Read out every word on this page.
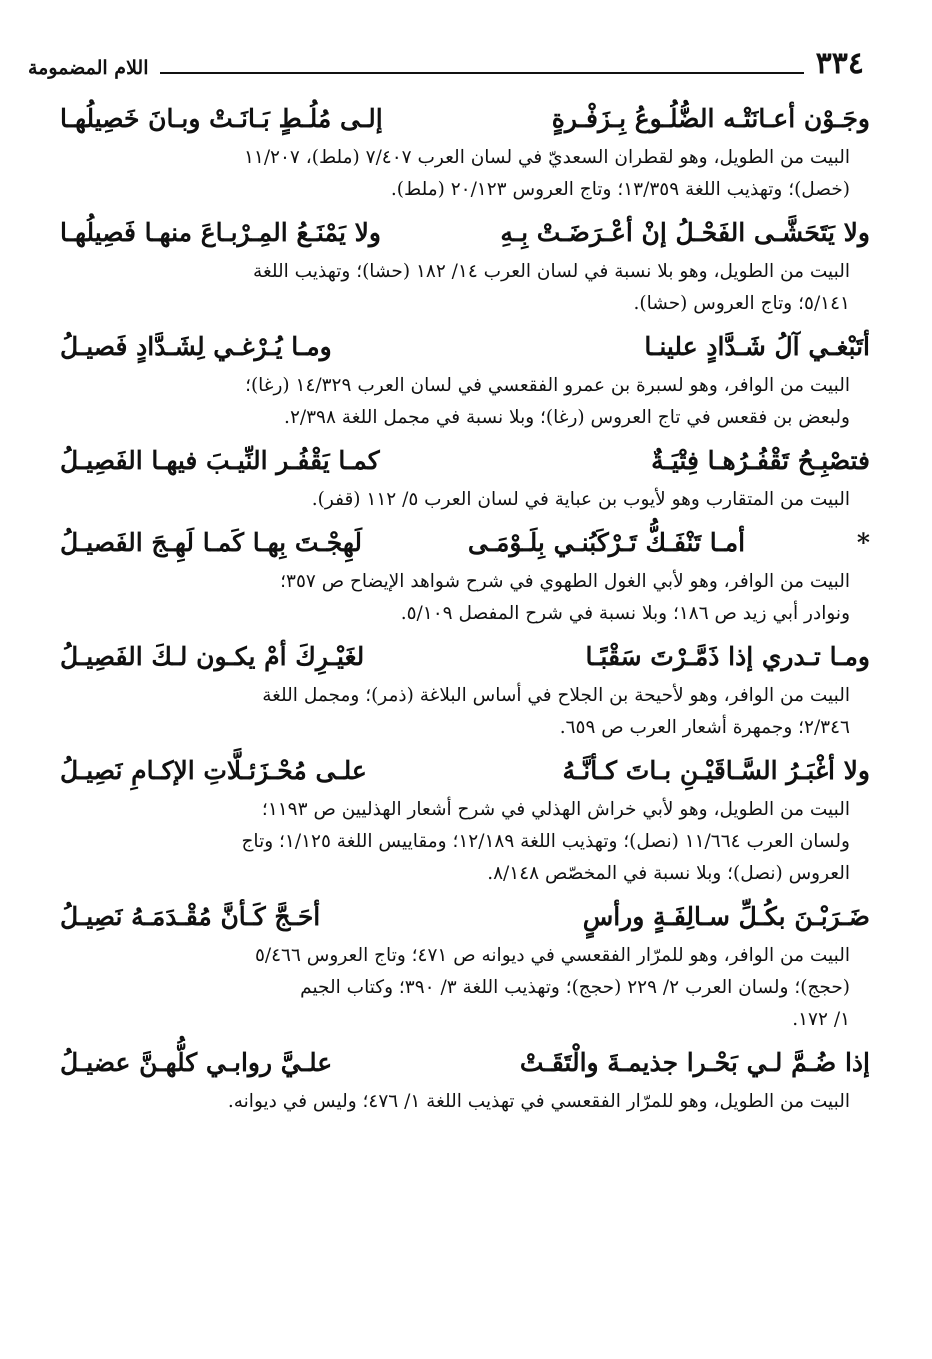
٣٣٤
اللام المضمومة
وجَـوْن أعـانَتْـه الضُّلُـوعُ بِـزَفْـرةٍ
إلـى مُلُـطٍ بَـانَـتْ وبـانَ خَصِيلُهـا
البيت من الطويل، وهو لقطران السعديّ في لسان العرب ٧/٤٠٧ (ملط)، ١١/٢٠٧
(خصل)؛ وتهذيب اللغة ١٣/٣٥٩؛ وتاج العروس ٢٠/١٢٣ (ملط).
ولا يَتَحَشَّـى الفَحْـلُ إنْ أعْـرَضَـتْ بِـهِ
ولا يَمْنَـعُ المِـرْبـاعَ منهـا فَصِيلُهـا
البيت من الطويل، وهو بلا نسبة في لسان العرب ١٤/ ١٨٢ (حشا)؛ وتهذيب اللغة
٥/١٤١؛ وتاج العروس (حشا).
أتَبْغـي آلُ شَـدَّادٍ علينـا
ومـا يُـرْغـي لِشَـدَّادٍ فَصيـلُ
البيت من الوافر، وهو لسبرة بن عمرو الفقعسي في لسان العرب ١٤/٣٢٩ (رغا)؛
ولبعض بن فقعس في تاج العروس (رغا)؛ وبلا نسبة في مجمل اللغة ٢/٣٩٨.
فتصْبِـحُ تَقْفُـرُهـا فِتْيَـةٌ
كمـا يَقْفُـر النِّيـبَ فيهـا الفَصِيـلُ
البيت من المتقارب وهو لأيوب بن عباية في لسان العرب ٥/ ١١٢ (قفر).
*
أمـا تَنْفَـكُّ تَـرْكَبُنـي بِلَـوْمَـى
لَهِجْـتَ بِهـا كَمـا لَهِـجَ الفَصيـلُ
البيت من الوافر، وهو لأبي الغول الطهوي في شرح شواهد الإيضاح ص ٣٥٧؛
ونوادر أبي زيد ص ١٨٦؛ وبلا نسبة في شرح المفصل ٥/١٠٩.
ومـا تـدري إذا ذَمَّـرْتَ سَقْبًـا
لغَيْـرِكَ أمْ يكـون لـكَ الفَصِيـلُ
البيت من الوافر، وهو لأحيحة بن الجلاح في أساس البلاغة (ذمر)؛ ومجمل اللغة
٢/٣٤٦؛ وجمهرة أشعار العرب ص ٦٥٩.
ولا أغْبَـرُ السَّـاقَيْـنِ بـاتَ كـأنَّـهُ
علـى مُحْـزَئـلَّاتِ الإكـامِ نَصِيـلُ
البيت من الطويل، وهو لأبي خراش الهذلي في شرح أشعار الهذليين ص ١١٩٣؛
ولسان العرب ١١/٦٦٤ (نصل)؛ وتهذيب اللغة ١٢/١٨٩؛ ومقاييس اللغة ١/١٢٥؛ وتاج
العروس (نصل)؛ وبلا نسبة في المخصّص ٨/١٤٨.
ضَـرَبْـنَ بكُـلِّ سـالِفَـةٍ ورأسٍ
أحَـجَّ كَـأنَّ مُقْـدَمَـهُ نَصِيـلُ
البيت من الوافر، وهو للمرّار الفقعسي في ديوانه ص ٤٧١؛ وتاج العروس ٥/٤٦٦
(حجج)؛ ولسان العرب ٢/ ٢٢٩ (حجج)؛ وتهذيب اللغة ٣/ ٣٩٠؛ وكتاب الجيم
١/ ١٧٢.
إذا ضُـمَّ لـي بَحْـرا جذيمـةَ والْتَقَـتْ
علـيَّ روابـي كلُّهـنَّ عضيـلُ
البيت من الطويل، وهو للمرّار الفقعسي في تهذيب اللغة ١/ ٤٧٦؛ وليس في ديوانه.
